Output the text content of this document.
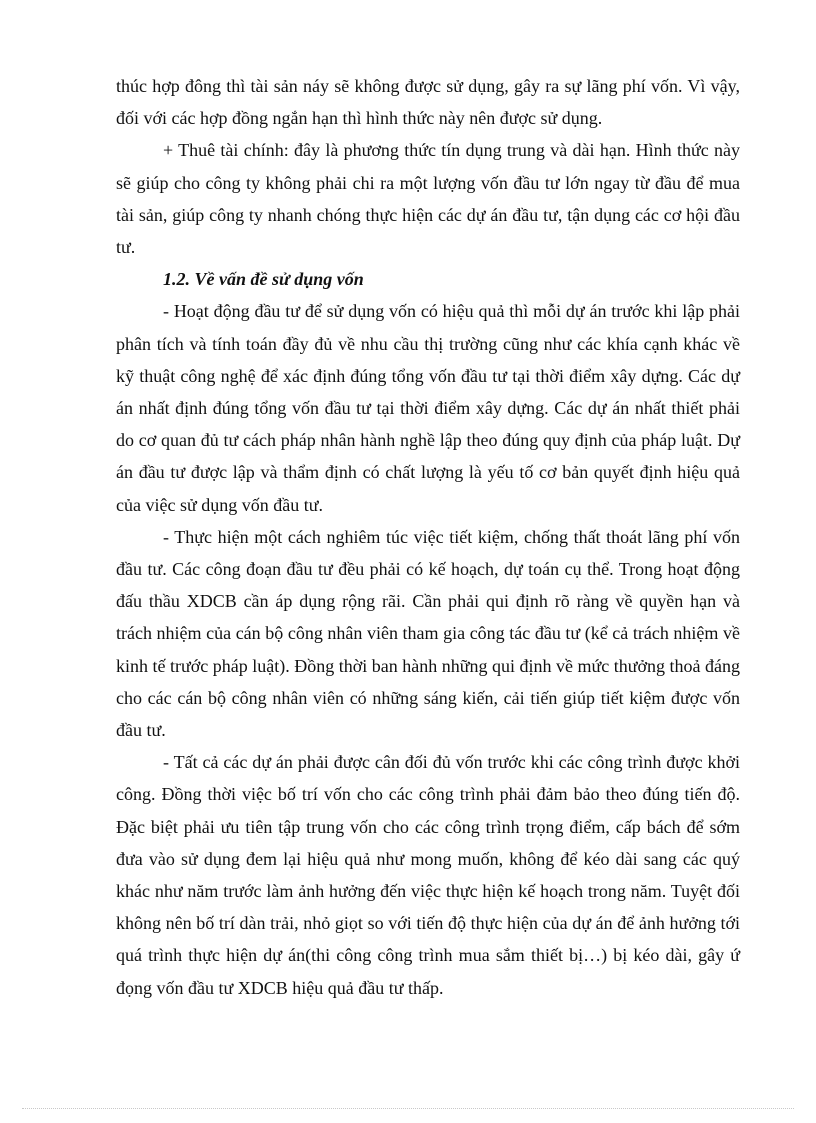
thúc hợp đông thì tài sản náy sẽ không được sử dụng, gây ra sự lãng phí vốn. Vì vậy, đối với các hợp đồng ngắn hạn thì hình thức này nên được sử dụng.

+ Thuê tài chính: đây là phương thức tín dụng trung và dài hạn. Hình thức này sẽ giúp cho công ty không phải chi ra một lượng vốn đầu tư lớn ngay từ đầu để mua tài sản, giúp công ty nhanh chóng thực hiện các dự án đầu tư, tận dụng các cơ hội đầu tư.

1.2. Về vấn đề sử dụng vốn

- Hoạt động đầu tư để sử dụng vốn có hiệu quả thì mỗi dự án trước khi lập phải phân tích và tính toán đầy đủ về nhu cầu thị trường cũng như các khía cạnh khác về kỹ thuật công nghệ để xác định đúng tổng vốn đầu tư tại thời điểm xây dựng. Các dự án nhất định đúng tổng vốn đầu tư tại thời điểm xây dựng. Các dự án nhất thiết phải do cơ quan đủ tư cách pháp nhân hành nghề lập theo đúng quy định của pháp luật. Dự án đầu tư được lập và thẩm định có chất lượng là yếu tố cơ bản quyết định hiệu quả của việc sử dụng vốn đầu tư.

- Thực hiện một cách nghiêm túc việc tiết kiệm, chống thất thoát lãng phí vốn đầu tư. Các công đoạn đầu tư đều phải có kế hoạch, dự toán cụ thể. Trong hoạt động đấu thầu XDCB cần áp dụng rộng rãi. Cần phải qui định rõ ràng về quyền hạn và trách nhiệm của cán bộ công nhân viên tham gia công tác đầu tư (kể cả trách nhiệm về kinh tế trước pháp luật). Đồng thời ban hành những qui định về mức thưởng thoả đáng cho các cán bộ công nhân viên có những sáng kiến, cải tiến giúp tiết kiệm được vốn đầu tư.

- Tất cả các dự án phải được cân đối đủ vốn trước khi các công trình được khởi công. Đồng thời việc bố trí vốn cho các công trình phải đảm bảo theo đúng tiến độ. Đặc biệt phải ưu tiên tập trung vốn cho các công trình trọng điểm, cấp bách để sớm đưa vào sử dụng đem lại hiệu quả như mong muốn, không để kéo dài sang các quý khác như năm trước làm ảnh hưởng đến việc thực hiện kế hoạch trong năm. Tuyệt đối không nên bố trí dàn trải, nhỏ giọt so với tiến độ thực hiện của dự án để ảnh hưởng tới quá trình thực hiện dự án(thi công công trình mua sắm thiết bị…) bị kéo dài, gây ứ đọng vốn đầu tư XDCB hiệu quả đầu tư thấp.
